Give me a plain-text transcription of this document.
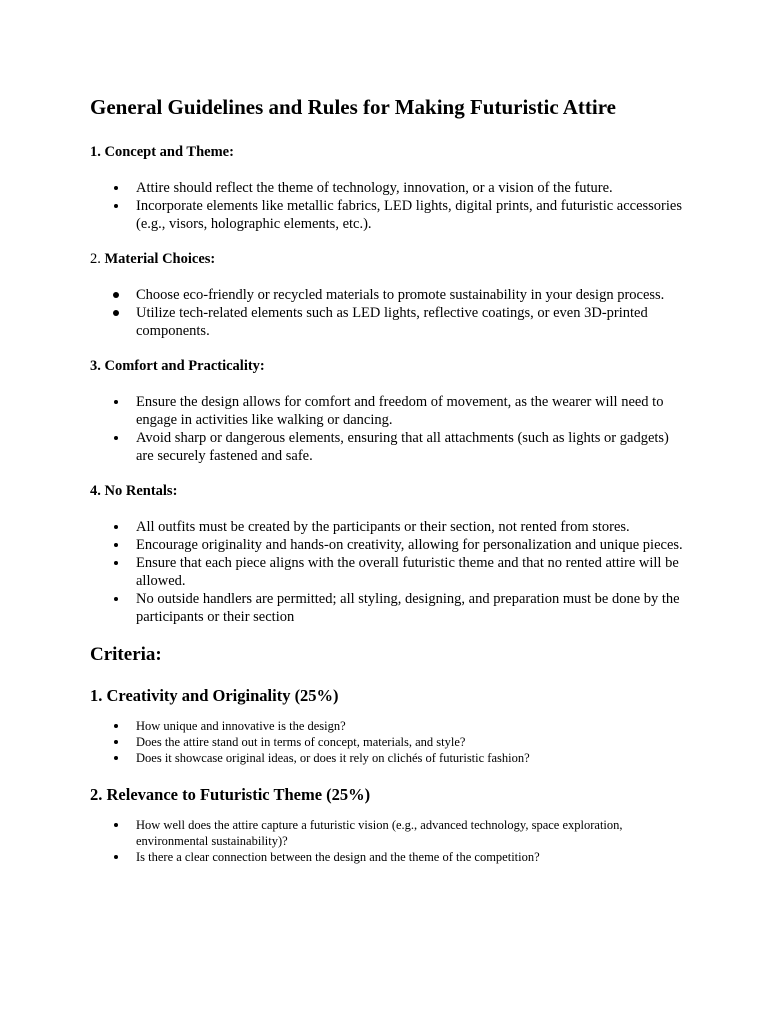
General Guidelines and Rules for Making Futuristic Attire
1. Concept and Theme:
Attire should reflect the theme of technology, innovation, or a vision of the future.
Incorporate elements like metallic fabrics, LED lights, digital prints, and futuristic accessories (e.g., visors, holographic elements, etc.).
2. Material Choices:
Choose eco-friendly or recycled materials to promote sustainability in your design process.
Utilize tech-related elements such as LED lights, reflective coatings, or even 3D-printed components.
3. Comfort and Practicality:
Ensure the design allows for comfort and freedom of movement, as the wearer will need to engage in activities like walking or dancing.
Avoid sharp or dangerous elements, ensuring that all attachments (such as lights or gadgets) are securely fastened and safe.
4. No Rentals:
All outfits must be created by the participants or their section, not rented from stores.
Encourage originality and hands-on creativity, allowing for personalization and unique pieces.
Ensure that each piece aligns with the overall futuristic theme and that no rented attire will be allowed.
No outside handlers are permitted; all styling, designing, and preparation must be done by the participants or their section
Criteria:
1. Creativity and Originality (25%)
How unique and innovative is the design?
Does the attire stand out in terms of concept, materials, and style?
Does it showcase original ideas, or does it rely on clichés of futuristic fashion?
2. Relevance to Futuristic Theme (25%)
How well does the attire capture a futuristic vision (e.g., advanced technology, space exploration, environmental sustainability)?
Is there a clear connection between the design and the theme of the competition?
